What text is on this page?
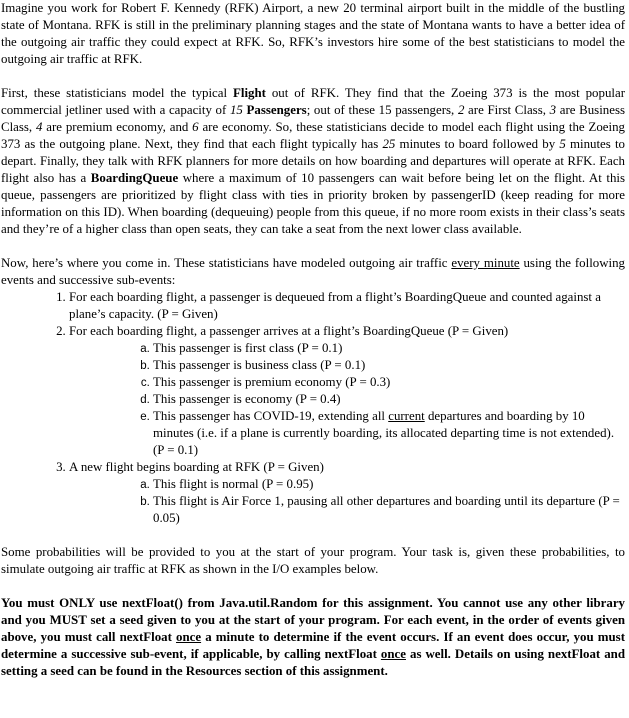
Imagine you work for Robert F. Kennedy (RFK) Airport, a new 20 terminal airport built in the middle of the bustling state of Montana. RFK is still in the preliminary planning stages and the state of Montana wants to have a better idea of the outgoing air traffic they could expect at RFK. So, RFK’s investors hire some of the best statisticians to model the outgoing air traffic at RFK.

First, these statisticians model the typical Flight out of RFK. They find that the Zoeing 373 is the most popular commercial jetliner used with a capacity of 15 Passengers; out of these 15 passengers, 2 are First Class, 3 are Business Class, 4 are premium economy, and 6 are economy. So, these statisticians decide to model each flight using the Zoeing 373 as the outgoing plane. Next, they find that each flight typically has 25 minutes to board followed by 5 minutes to depart. Finally, they talk with RFK planners for more details on how boarding and departures will operate at RFK. Each flight also has a BoardingQueue where a maximum of 10 passengers can wait before being let on the flight. At this queue, passengers are prioritized by flight class with ties in priority broken by passengerID (keep reading for more information on this ID). When boarding (dequeuing) people from this queue, if no more room exists in their class’s seats and they’re of a higher class than open seats, they can take a seat from the next lower class available.

Now, here’s where you come in. These statisticians have modeled outgoing air traffic every minute using the following events and successive sub-events:

1. For each boarding flight, a passenger is dequeued from a flight’s BoardingQueue and counted against a plane’s capacity. (P = Given)
2. For each boarding flight, a passenger arrives at a flight’s BoardingQueue (P = Given)
a. This passenger is first class (P = 0.1)
b. This passenger is business class (P = 0.1)
c. This passenger is premium economy (P = 0.3)
d. This passenger is economy (P = 0.4)
e. This passenger has COVID-19, extending all current departures and boarding by 10 minutes (i.e. if a plane is currently boarding, its allocated departing time is not extended). (P = 0.1)
3. A new flight begins boarding at RFK (P = Given)
a. This flight is normal (P = 0.95)
b. This flight is Air Force 1, pausing all other departures and boarding until its departure (P = 0.05)

Some probabilities will be provided to you at the start of your program. Your task is, given these probabilities, to simulate outgoing air traffic at RFK as shown in the I/O examples below.

You must ONLY use nextFloat() from Java.util.Random for this assignment. You cannot use any other library and you MUST set a seed given to you at the start of your program. For each event, in the order of events given above, you must call nextFloat once a minute to determine if the event occurs. If an event does occur, you must determine a successive sub-event, if applicable, by calling nextFloat once as well. Details on using nextFloat and setting a seed can be found in the Resources section of this assignment.
